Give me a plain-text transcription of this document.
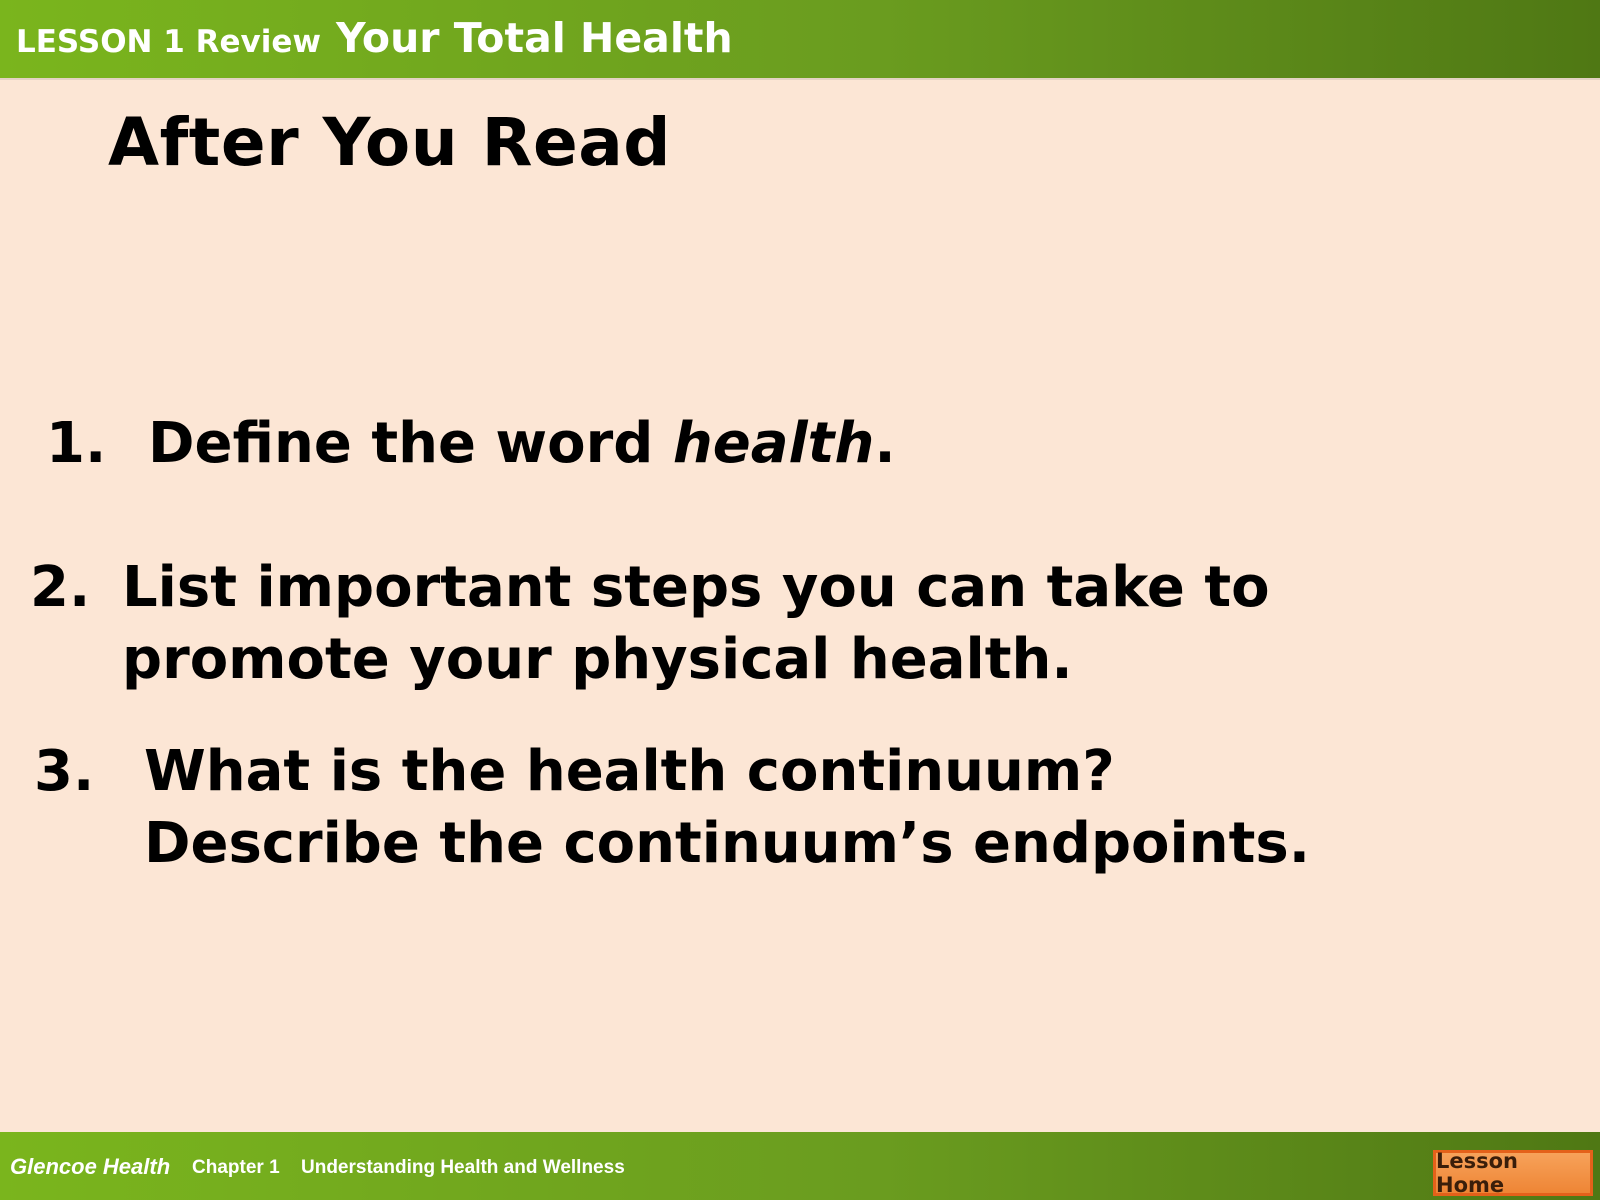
LESSON 1 Review Your Total Health
After You Read
1. Define the word health.
2. List important steps you can take to
promote your physical health.
3. What is the health continuum?
Describe the continuum’s endpoints.
Glencoe Health Chapter 1 Understanding Health and Wellness	Lesson Home
